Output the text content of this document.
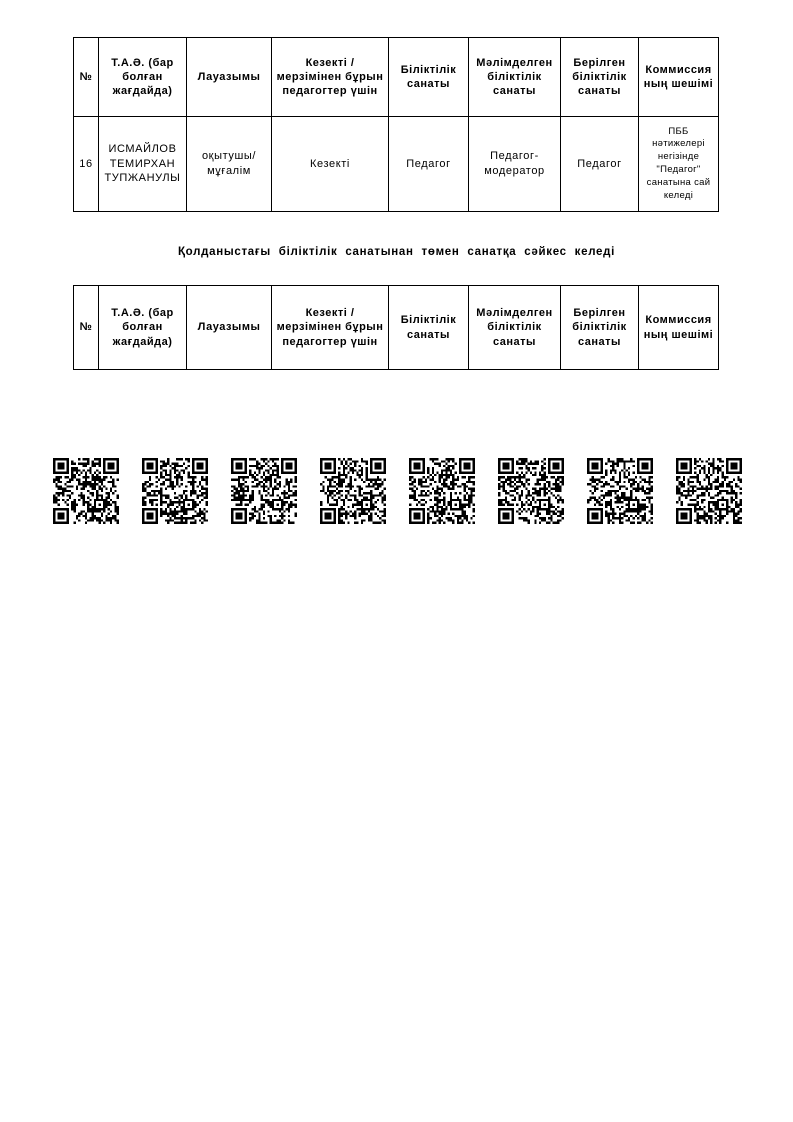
№	Т.А.Ә. (бар болған жағдайда)	Лауазымы	Кезекті / мерзімінен бұрын педагогтер үшін	Біліктілік санаты	Мәлімделген біліктілік санаты	Берілген біліктілік санаты	Коммиссияның шешімі
16	ИСМАЙЛОВ ТЕМИРХАН ТУПЖАНУЛЫ	оқытушы/мұғалім	Кезекті	Педагог	Педагог-модератор	Педагог	ПББ нәтижелері негізінде "Педагог" санатына сай келеді
Қолданыстағы біліктілік санатынан төмен санатқа сәйкес келеді
№	Т.А.Ә. (бар болған жағдайда)	Лауазымы	Кезекті / мерзімінен бұрын педагогтер үшін	Біліктілік санаты	Мәлімделген біліктілік санаты	Берілген біліктілік санаты	Коммиссияның шешімі
